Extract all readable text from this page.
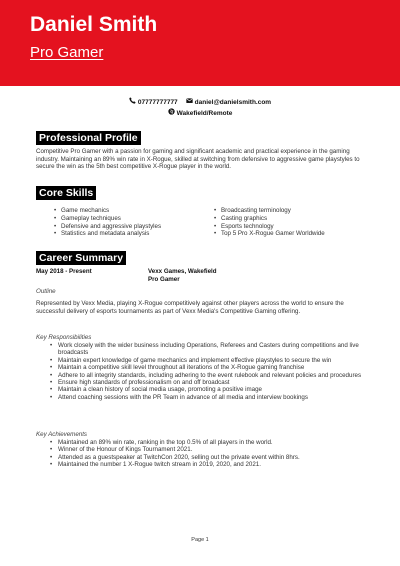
Daniel Smith
Pro Gamer
07777777777	daniel@danielsmith.com
Wakefield/Remote
Professional Profile
Competitive Pro Gamer with a passion for gaming and significant academic and practical experience in the gaming industry. Maintaining an 89% win rate in X-Rogue, skilled at switching from defensive to aggressive game playstyles to secure the win as the 5th best competitive X-Rogue player in the world.
Core Skills
• Game mechanics	• Broadcasting terminology
• Gameplay techniques	• Casting graphics
• Defensive and aggressive playstyles	• Esports technology
• Statistics and metadata analysis	• Top 5 Pro X-Rogue Gamer Worldwide
Career Summary
May 2018 - Present	Vexx Games, Wakefield
Pro Gamer
Outline
Represented by Vexx Media, playing X-Rogue competitively against other players across the world to ensure the successful delivery of esports tournaments as part of Vexx Media's Competitive Gaming offering.
Key Responsibilities
• Work closely with the wider business including Operations, Referees and Casters during competitions and live broadcasts
• Maintain expert knowledge of game mechanics and implement effective playstyles to secure the win
• Maintain a competitive skill level throughout all iterations of the X-Rogue gaming franchise
• Adhere to all integrity standards, including adhering to the event rulebook and relevant policies and procedures
• Ensure high standards of professionalism on and off broadcast
• Maintain a clean history of social media usage, promoting a positive image
• Attend coaching sessions with the PR Team in advance of all media and interview bookings
Key Achievements
• Maintained an 89% win rate, ranking in the top 0.5% of all players in the world.
• Winner of the Honour of Kings Tournament 2021.
• Attended as a guestspeaker at TwitchCon 2020, selling out the private event within 8hrs.
• Maintained the number 1 X-Rogue twitch stream in 2019, 2020, and 2021.
Page 1
